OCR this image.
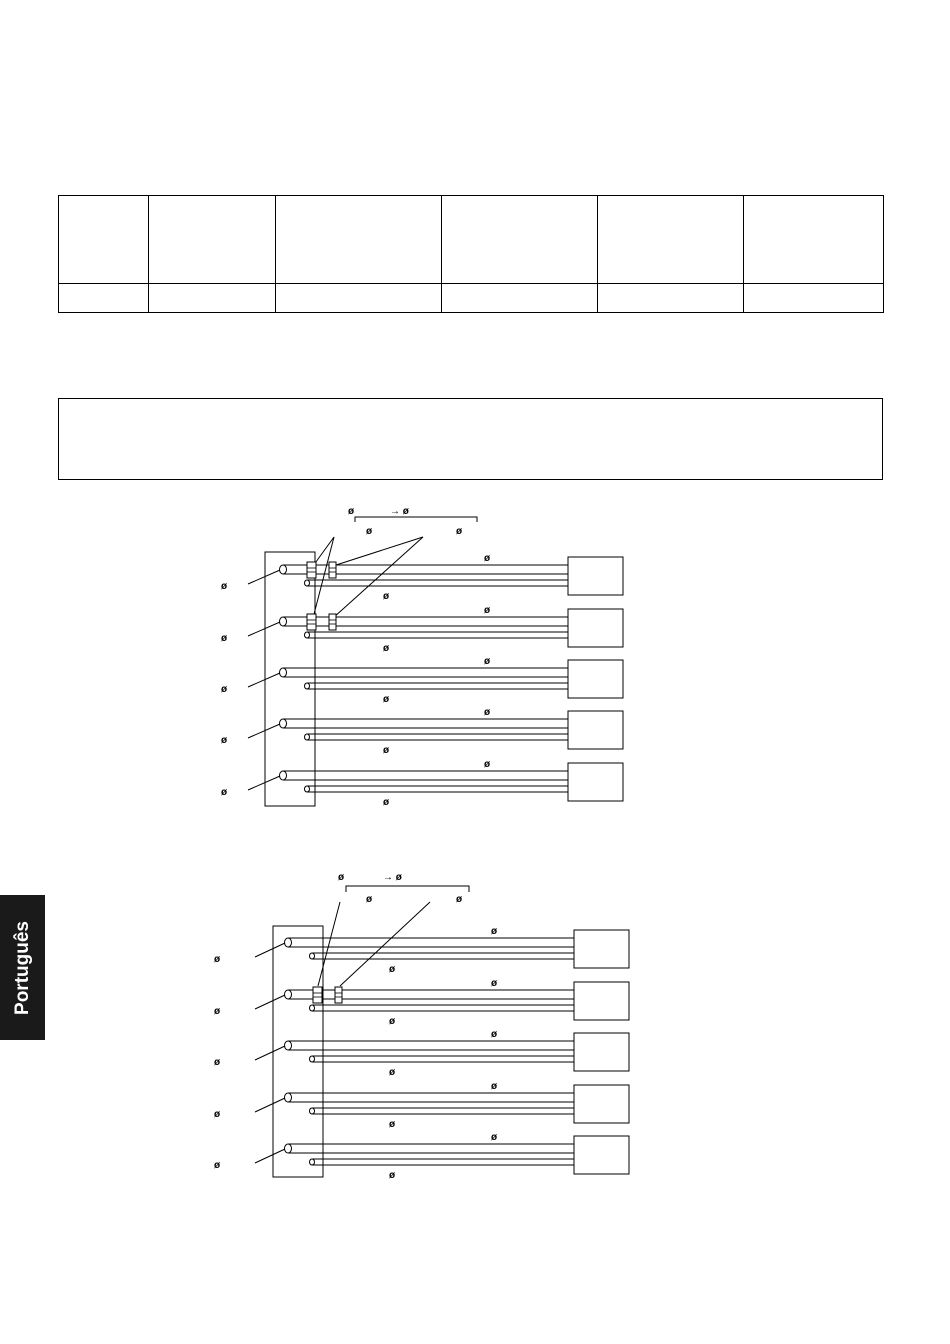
ø	→ ø
ø	ø
ø
ø
ø
ø
ø
ø
ø
ø
ø
ø
ø
ø
ø
ø
ø
ø	→ ø
ø	ø
ø
ø
ø
ø
ø
ø
ø
ø
ø
ø
ø
ø
ø
ø
ø
Português
